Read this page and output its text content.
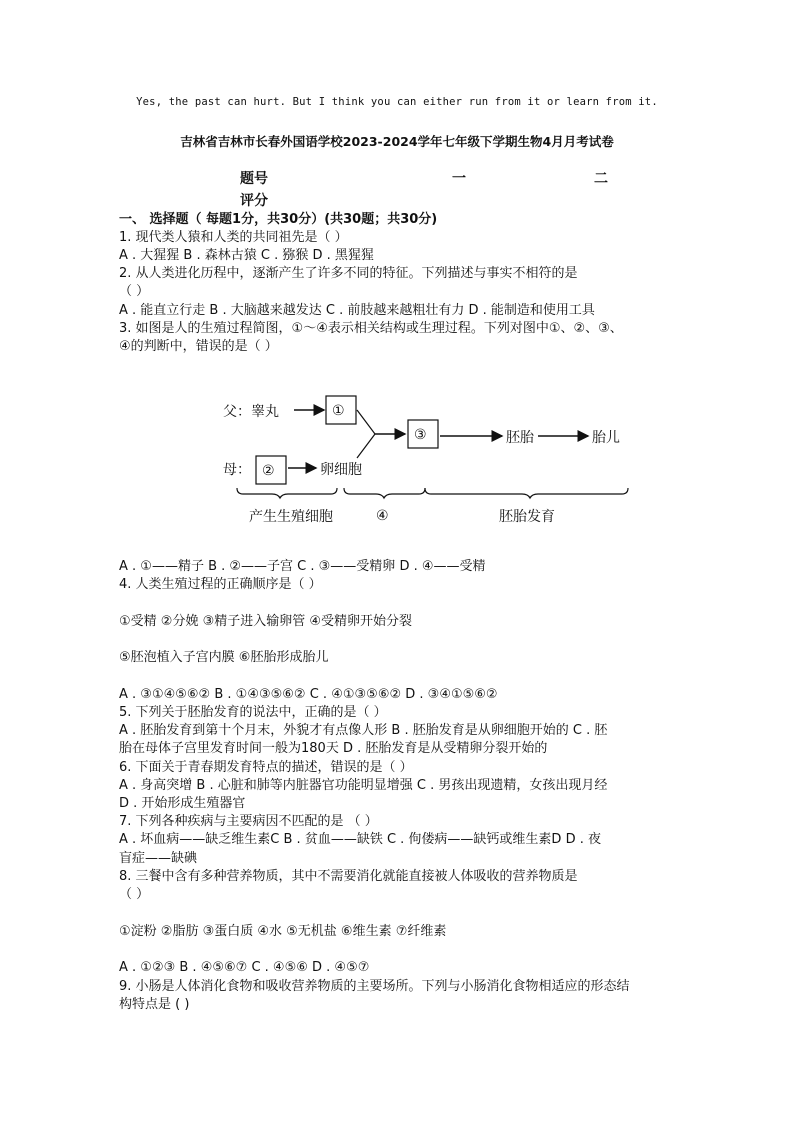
Yes, the past can hurt. But I think you can either run from it or learn from it.
吉林省吉林市长春外国语学校2023-2024学年七年级下学期生物4月月考试卷
题号	一	二
评分
一、 选择题（ 每题1分，共30分）(共30题；共30分)
1. 现代类人猿和人类的共同祖先是（ ）
A . 大猩猩 B . 森林古猿 C . 猕猴 D . 黑猩猩
2. 从人类进化历程中，逐渐产生了许多不同的特征。下列描述与事实不相符的是
（ ）
A . 能直立行走 B . 大脑越来越发达 C . 前肢越来越粗壮有力 D . 能制造和使用工具
3. 如图是人的生殖过程简图，①～④表示相关结构或生理过程。下列对图中①、②、③、
④的判断中，错误的是（ ）
父：睾丸	①
母： ②	卵细胞
③	胚胎	胎儿
产生生殖细胞	④	胚胎发育
A . ①——精子 B . ②——子宫 C . ③——受精卵 D . ④——受精
4. 人类生殖过程的正确顺序是（ ）
①受精 ②分娩 ③精子进入输卵管 ④受精卵开始分裂
⑤胚泡植入子宫内膜 ⑥胚胎形成胎儿
A . ③①④⑤⑥② B . ①④③⑤⑥② C . ④①③⑤⑥② D . ③④①⑤⑥②
5. 下列关于胚胎发育的说法中，正确的是（ ）
A . 胚胎发育到第十个月末，外貌才有点像人形 B . 胚胎发育是从卵细胞开始的 C . 胚
胎在母体子宫里发育时间一般为180天 D . 胚胎发育是从受精卵分裂开始的
6. 下面关于青春期发育特点的描述，错误的是（ ）
A . 身高突增 B . 心脏和肺等内脏器官功能明显增强 C . 男孩出现遗精，女孩出现月经
D . 开始形成生殖器官
7. 下列各种疾病与主要病因不匹配的是 （ ）
A . 坏血病——缺乏维生素C B . 贫血——缺铁 C . 佝偻病——缺钙或维生素D D . 夜
盲症——缺碘
8. 三餐中含有多种营养物质，其中不需要消化就能直接被人体吸收的营养物质是
（ ）
①淀粉 ②脂肪 ③蛋白质 ④水 ⑤无机盐 ⑥维生素 ⑦纤维素
A . ①②③ B . ④⑤⑥⑦ C . ④⑤⑥ D . ④⑤⑦
9. 小肠是人体消化食物和吸收营养物质的主要场所。下列与小肠消化食物相适应的形态结
构特点是 ( )
